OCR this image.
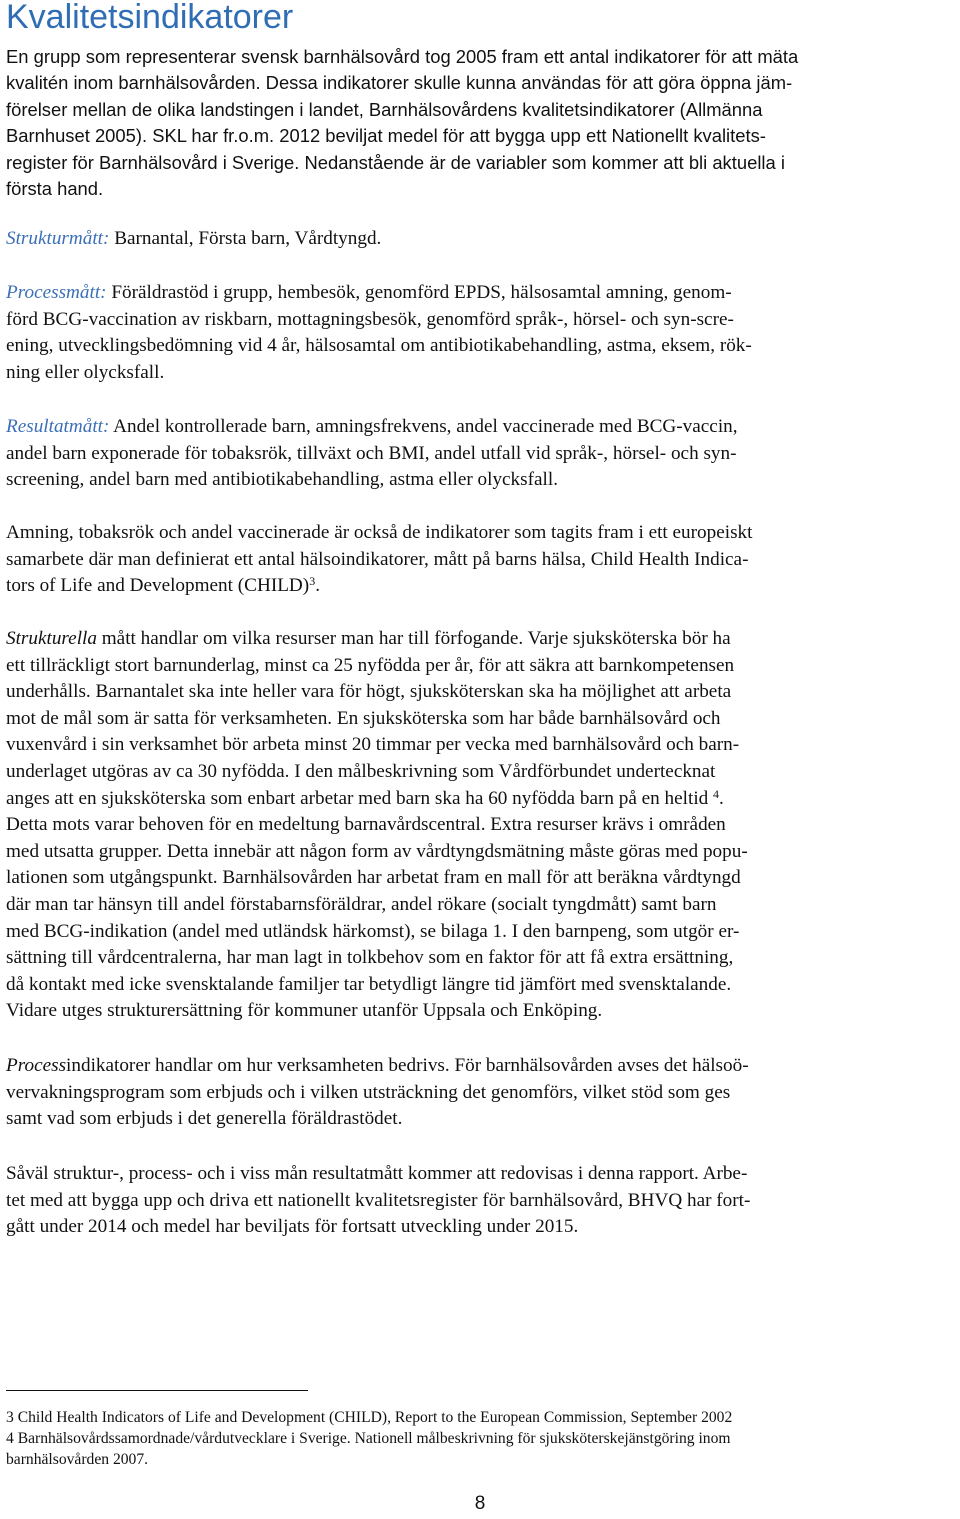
Kvalitetsindikatorer

En grupp som representerar svensk barnhälsovård tog 2005 fram ett antal indikatorer för att mäta
kvalitén inom barnhälsovården. Dessa indikatorer skulle kunna användas för att göra öppna jäm-
förelser mellan de olika landstingen i landet, Barnhälsovårdens kvalitetsindikatorer (Allmänna
Barnhuset 2005). SKL har fr.o.m. 2012 beviljat medel för att bygga upp ett Nationellt kvalitets-
register för Barnhälsovård i Sverige. Nedanstående är de variabler som kommer att bli aktuella i
första hand.

Strukturmått: Barnantal, Första barn, Vårdtyngd.

Processmått: Föräldrastöd i grupp, hembesök, genomförd EPDS, hälsosamtal amning, genom-
förd BCG-vaccination av riskbarn, mottagningsbesök, genomförd språk-, hörsel- och syn-scre-
ening, utvecklingsbedömning vid 4 år, hälsosamtal om antibiotikabehandling, astma, eksem, rök-
ning eller olycksfall.

Resultatmått: Andel kontrollerade barn, amningsfrekvens, andel vaccinerade med BCG-vaccin,
andel barn exponerade för tobaksrök, tillväxt och BMI, andel utfall vid språk-, hörsel- och syn-
screening, andel barn med antibiotikabehandling, astma eller olycksfall.

Amning, tobaksrök och andel vaccinerade är också de indikatorer som tagits fram i ett europeiskt
samarbete där man definierat ett antal hälsoindikatorer, mått på barns hälsa, Child Health Indica-
tors of Life and Development (CHILD)$^3$.

Strukturella mått handlar om vilka resurser man har till förfogande. Varje sjuksköterska bör ha
ett tillräckligt stort barnunderlag, minst ca 25 nyfödda per år, för att säkra att barnkompetensen
underhålls. Barnantalet ska inte heller vara för högt, sjuksköterskan ska ha möjlighet att arbeta
mot de mål som är satta för verksamheten. En sjuksköterska som har både barnhälsovård och
vuxenvård i sin verksamhet bör arbeta minst 20 timmar per vecka med barnhälsovård och barn-
underlaget utgöras av ca 30 nyfödda. I den målbeskrivning som Vårdförbundet undertecknat
anges att en sjuksköterska som enbart arbetar med barn ska ha 60 nyfödda barn på en heltid $^4$.
Detta mots varar behoven för en medeltung barnavårdscentral. Extra resurser krävs i områden
med utsatta grupper. Detta innebär att någon form av vårdtyngdsmätning måste göras med popu-
lationen som utgångspunkt. Barnhälsovården har arbetat fram en mall för att beräkna vårdtyngd
där man tar hänsyn till andel förstabarnsföräldrar, andel rökare (socialt tyngdmått) samt barn
med BCG-indikation (andel med utländsk härkomst), se bilaga 1. I den barnpeng, som utgör er-
sättning till vårdcentralerna, har man lagt in tolkbehov som en faktor för att få extra ersättning,
då kontakt med icke svensktalande familjer tar betydligt längre tid jämfört med svensktalande.
Vidare utges strukturersättning för kommuner utanför Uppsala och Enköping.

Processindikatorer handlar om hur verksamheten bedrivs. För barnhälsovården avses det hälsoö-
vervakningsprogram som erbjuds och i vilken utsträckning det genomförs, vilket stöd som ges
samt vad som erbjuds i det generella föräldrastödet.

Såväl struktur-, process- och i viss mån resultatmått kommer att redovisas i denna rapport. Arbe-
tet med att bygga upp och driva ett nationellt kvalitetsregister för barnhälsovård, BHVQ har fort-
gått under 2014 och medel har beviljats för fortsatt utveckling under 2015.

3 Child Health Indicators of Life and Development (CHILD), Report to the European Commission, September 2002
4 Barnhälsovårdssamordnade/vårdutvecklare i Sverige. Nationell målbeskrivning för sjuksköterskejänstgöring inom
barnhälsovården 2007.

8
